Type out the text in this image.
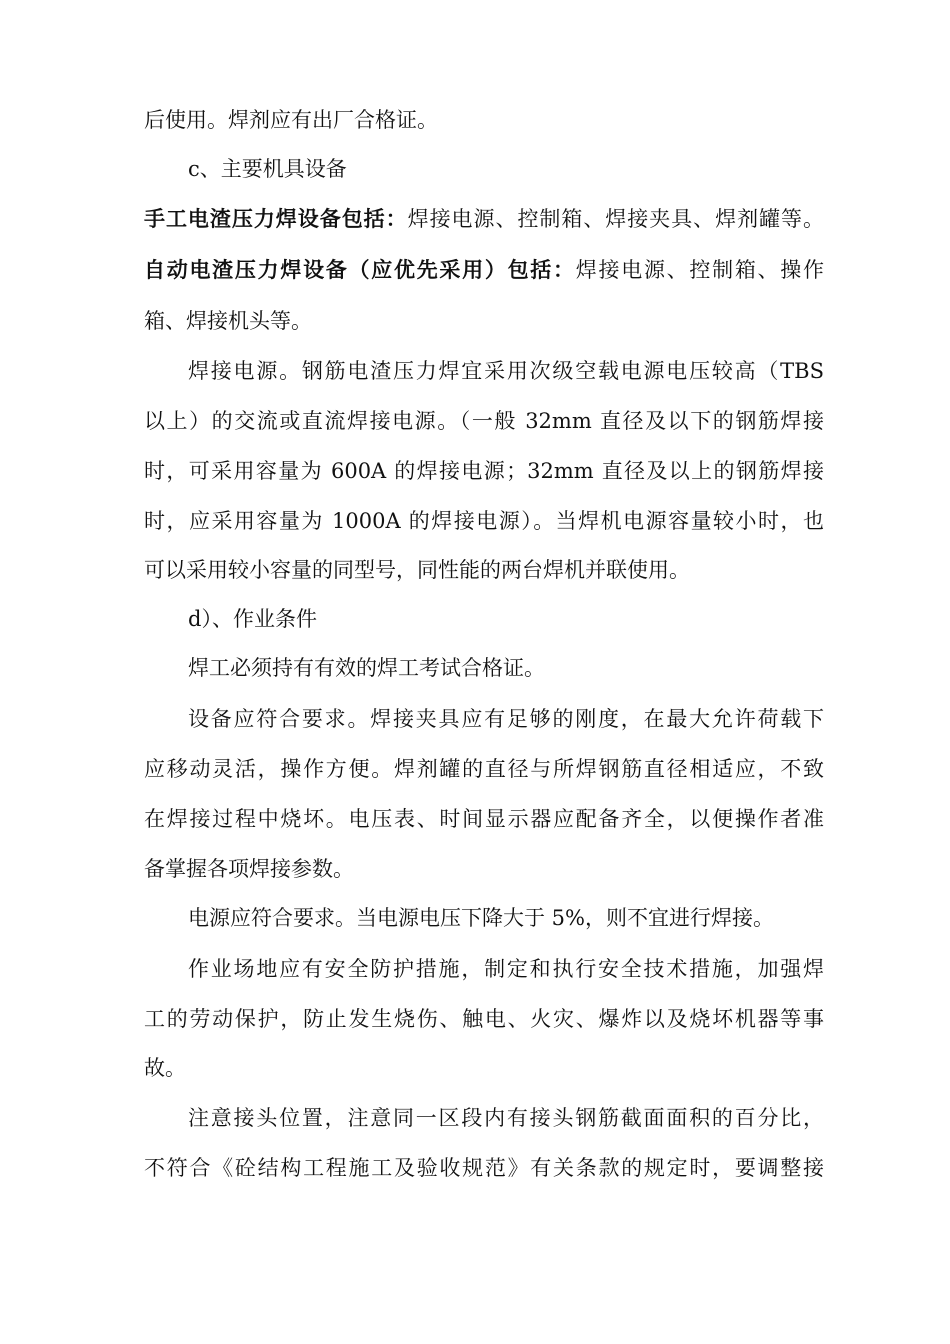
后使用。焊剂应有出厂合格证。
c、主要机具设备
手工电渣压力焊设备包括：焊接电源、控制箱、焊接夹具、焊剂罐等。
自动电渣压力焊设备（应优先采用）包括：焊接电源、控制箱、操作
箱、焊接机头等。
焊接电源。钢筋电渣压力焊宜采用次级空载电源电压较高（TBS
以上）的交流或直流焊接电源。（一般 32mm 直径及以下的钢筋焊接
时，可采用容量为 600A 的焊接电源；32mm 直径及以上的钢筋焊接
时，应采用容量为 1000A 的焊接电源）。当焊机电源容量较小时，也
可以采用较小容量的同型号，同性能的两台焊机并联使用。
d）、作业条件
焊工必须持有有效的焊工考试合格证。
设备应符合要求。焊接夹具应有足够的刚度，在最大允许荷载下
应移动灵活，操作方便。焊剂罐的直径与所焊钢筋直径相适应，不致
在焊接过程中烧坏。电压表、时间显示器应配备齐全，以便操作者准
备掌握各项焊接参数。
电源应符合要求。当电源电压下降大于 5%，则不宜进行焊接。
作业场地应有安全防护措施，制定和执行安全技术措施，加强焊
工的劳动保护，防止发生烧伤、触电、火灾、爆炸以及烧坏机器等事
故。
注意接头位置，注意同一区段内有接头钢筋截面面积的百分比，
不符合《砼结构工程施工及验收规范》有关条款的规定时，要调整接
